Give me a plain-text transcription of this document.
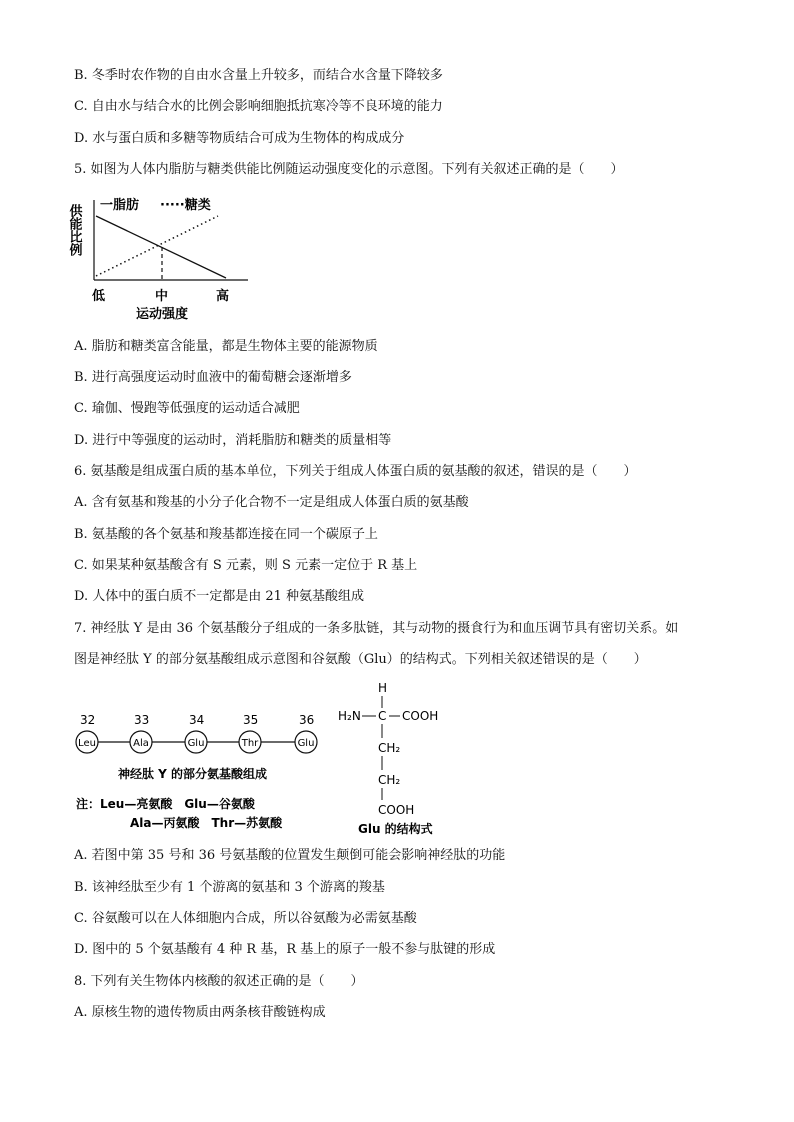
B. 冬季时农作物的自由水含量上升较多，而结合水含量下降较多
C. 自由水与结合水的比例会影响细胞抵抗寒冷等不良环境的能力
D. 水与蛋白质和多糖等物质结合可成为生物体的构成成分
5. 如图为人体内脂肪与糖类供能比例随运动强度变化的示意图。下列有关叙述正确的是（　　）
供能比例 一脂肪 ·····糖类
低	中	高
运动强度
A. 脂肪和糖类富含能量，都是生物体主要的能源物质
B. 进行高强度运动时血液中的葡萄糖会逐渐增多
C. 瑜伽、慢跑等低强度的运动适合减肥
D. 进行中等强度的运动时，消耗脂肪和糖类的质量相等
6. 氨基酸是组成蛋白质的基本单位，下列关于组成人体蛋白质的氨基酸的叙述，错误的是（　　）
A. 含有氨基和羧基的小分子化合物不一定是组成人体蛋白质的氨基酸
B. 氨基酸的各个氨基和羧基都连接在同一个碳原子上
C. 如果某种氨基酸含有 S 元素，则 S 元素一定位于 R 基上
D. 人体中的蛋白质不一定都是由 21 种氨基酸组成
7. 神经肽 Y 是由 36 个氨基酸分子组成的一条多肽链，其与动物的摄食行为和血压调节具有密切关系。如
图是神经肽 Y 的部分氨基酸组成示意图和谷氨酸（Glu）的结构式。下列相关叙述错误的是（　　）
32
Leu
33
Ala
34
Glu
35
Thr
36
Glu
神经肽 Y 的部分氨基酸组成
注：Leu—亮氨酸　Glu—谷氨酸
Ala—丙氨酸　Thr—苏氨酸
H
H₂N C COOH
CH₂
CH₂
COOH
Glu 的结构式
A. 若图中第 35 号和 36 号氨基酸的位置发生颠倒可能会影响神经肽的功能
B. 该神经肽至少有 1 个游离的氨基和 3 个游离的羧基
C. 谷氨酸可以在人体细胞内合成，所以谷氨酸为必需氨基酸
D. 图中的 5 个氨基酸有 4 种 R 基，R 基上的原子一般不参与肽键的形成
8. 下列有关生物体内核酸的叙述正确的是（　　）
A. 原核生物的遗传物质由两条核苷酸链构成
